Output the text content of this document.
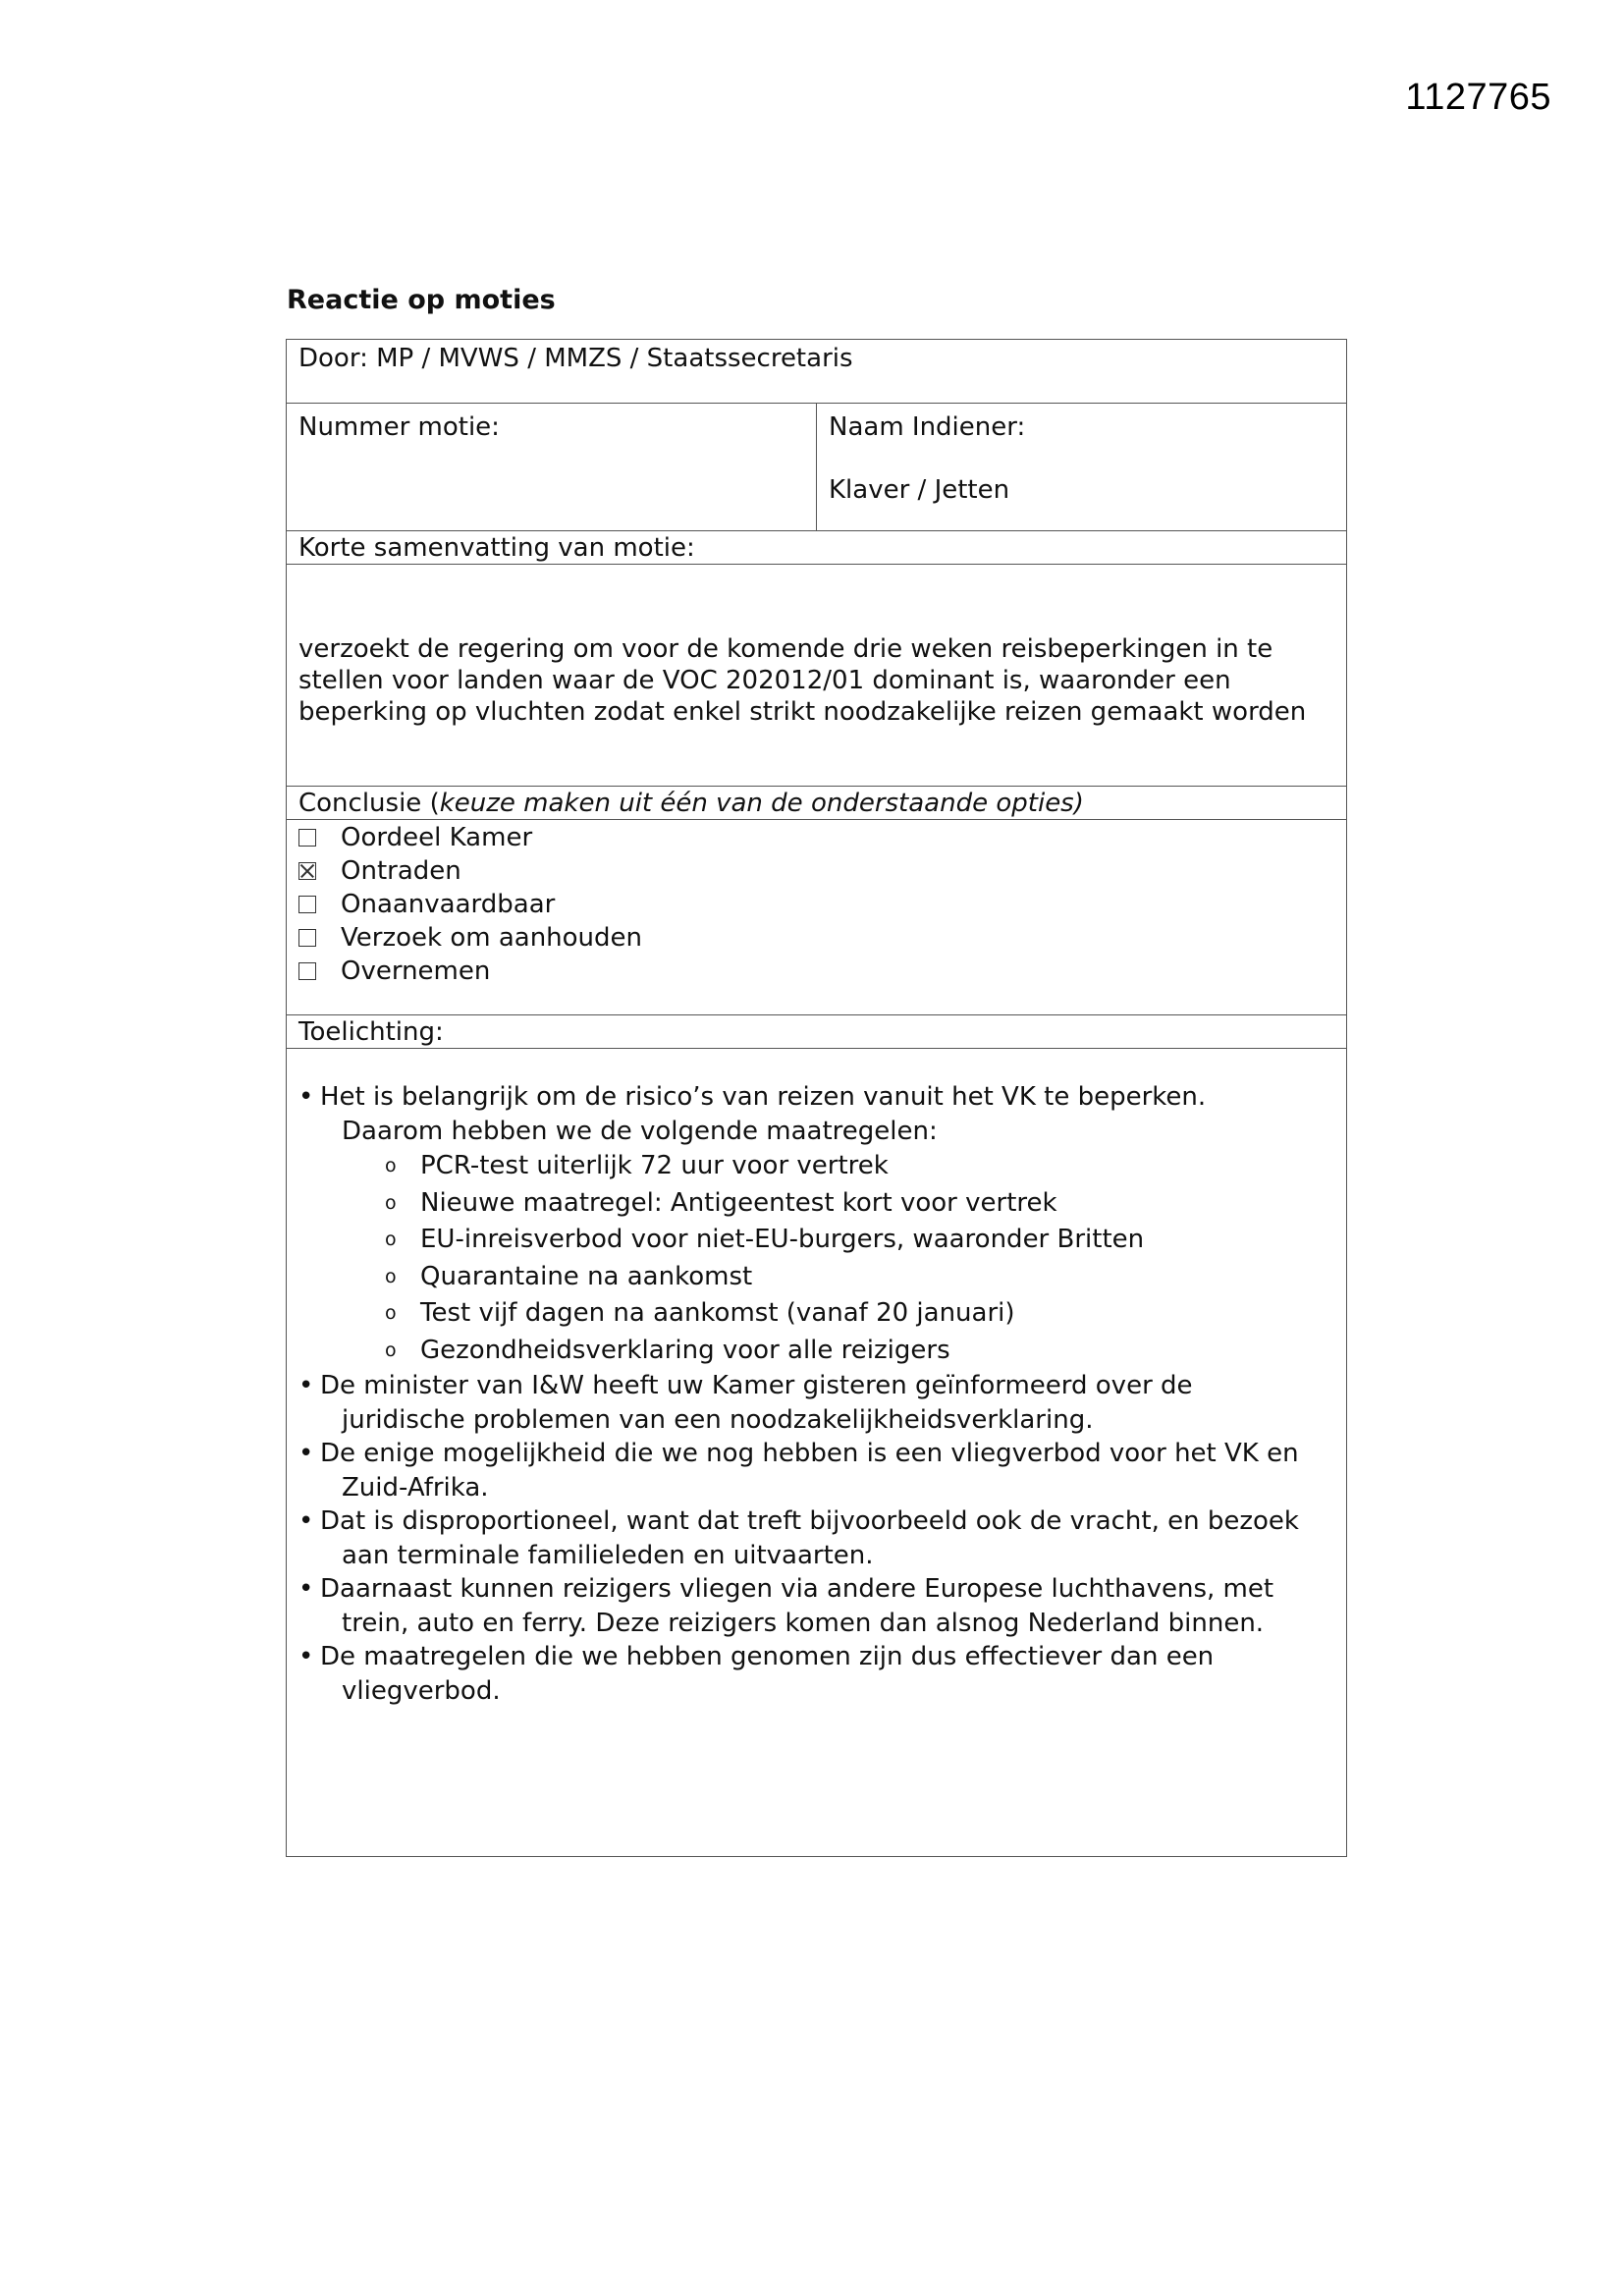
1127765
Reactie op moties
Door: MP / MVWS / MMZS / Staatssecretaris
Nummer motie:	Naam Indiener:
Klaver / Jetten
Korte samenvatting van motie:
verzoekt de regering om voor de komende drie weken reisbeperkingen in te
stellen voor landen waar de VOC 202012/01 dominant is, waaronder een
beperking op vluchten zodat enkel strikt noodzakelijke reizen gemaakt worden
Conclusie (keuze maken uit één van de onderstaande opties)
Oordeel Kamer
Ontraden
Onaanvaardbaar
Verzoek om aanhouden
Overnemen
Toelichting:
• Het is belangrijk om de risico’s van reizen vanuit het VK te beperken.
Daarom hebben we de volgende maatregelen:
o PCR-test uiterlijk 72 uur voor vertrek
o Nieuwe maatregel: Antigeentest kort voor vertrek
o EU-inreisverbod voor niet-EU-burgers, waaronder Britten
o Quarantaine na aankomst
o Test vijf dagen na aankomst (vanaf 20 januari)
o Gezondheidsverklaring voor alle reizigers
• De minister van I&W heeft uw Kamer gisteren geïnformeerd over de
juridische problemen van een noodzakelijkheidsverklaring.
• De enige mogelijkheid die we nog hebben is een vliegverbod voor het VK en
Zuid-Afrika.
• Dat is disproportioneel, want dat treft bijvoorbeeld ook de vracht, en bezoek
aan terminale familieleden en uitvaarten.
• Daarnaast kunnen reizigers vliegen via andere Europese luchthavens, met
trein, auto en ferry. Deze reizigers komen dan alsnog Nederland binnen.
• De maatregelen die we hebben genomen zijn dus effectiever dan een
vliegverbod.
